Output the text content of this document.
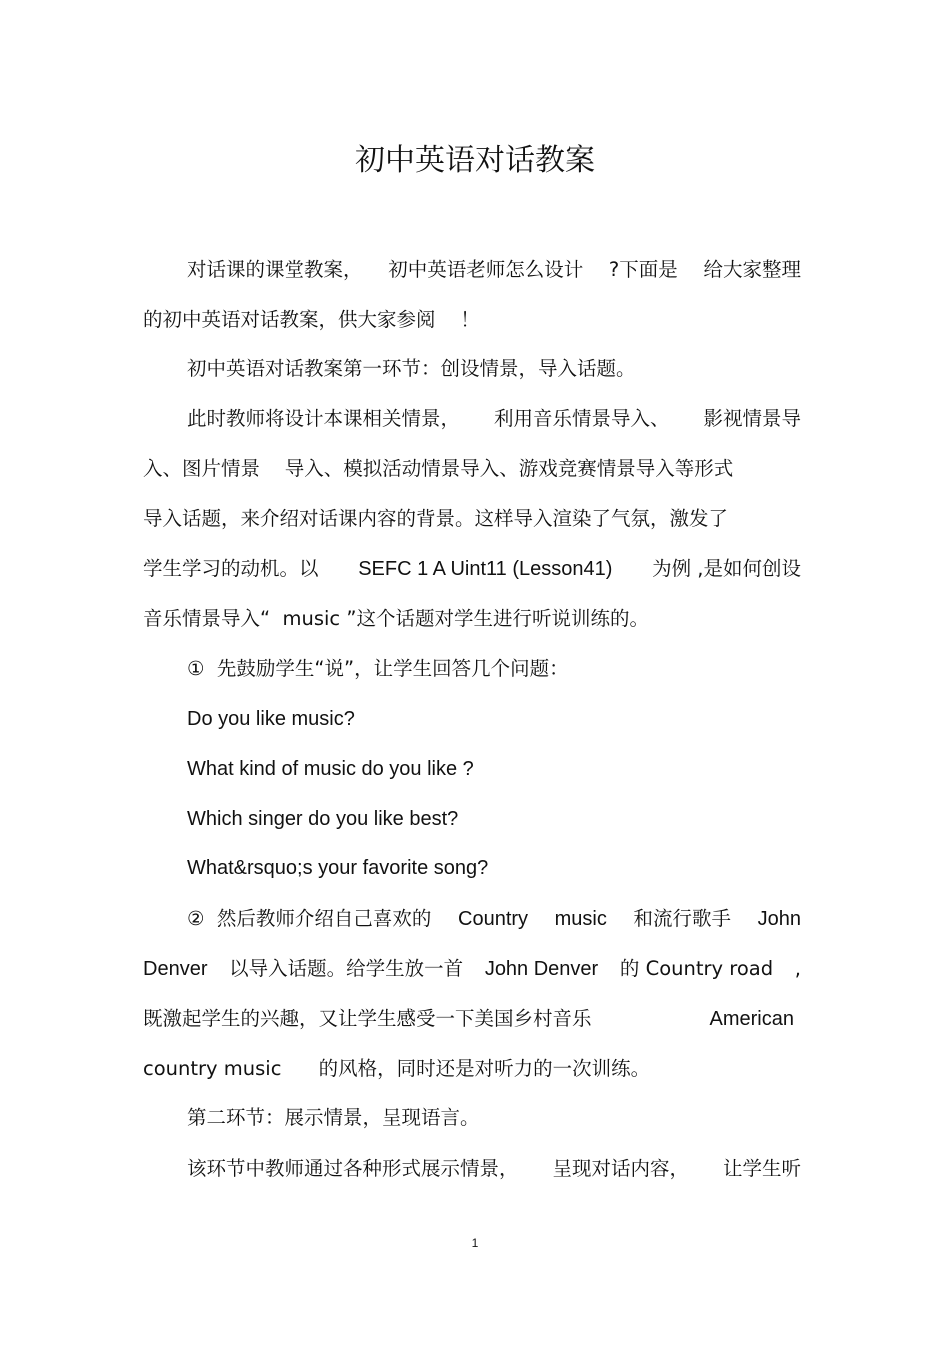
初中英语对话教案
对话课的课堂教案， 初中英语老师怎么设计 ?下面是 给大家整理
的初中英语对话教案，供大家参阅    ！
初中英语对话教案第一环节：创设情景，导入话题。
此时教师将设计本课相关情景， 利用音乐情景导入、 影视情景导
入、图片情景    导入、模拟活动情景导入、游戏竞赛情景导入等形式
导入话题，来介绍对话课内容的背景。这样导入渲染了气氛，激发了
学生学习的动机。以 SEFC 1 A Uint11 (Lesson41) 为例 ,是如何创设
音乐情景导入“  music ”这个话题对学生进行听说训练的。
①  先鼓励学生“说”，让学生回答几个问题：
Do you like music?
What kind of music do you like ?
Which singer do you like best?
What&rsquo;s your favorite song?
②  然后教师介绍自己喜欢的 Country music 和流行歌手 John
Denver 以导入话题。给学生放一首 John Denver 的 Country road ,
既激起学生的兴趣，又让学生感受一下美国乡村音乐	American
country music      的风格，同时还是对听力的一次训练。
第二环节：展示情景，呈现语言。
该环节中教师通过各种形式展示情景， 呈现对话内容， 让学生听
1
